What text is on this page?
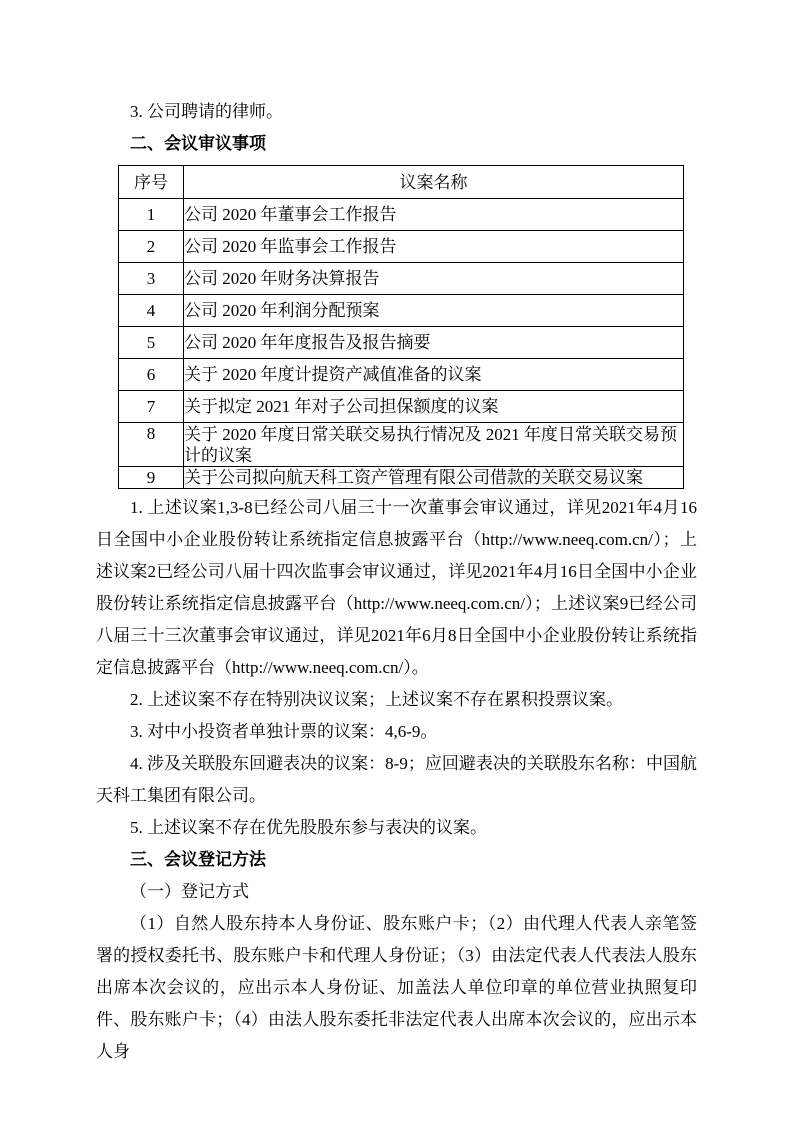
3. 公司聘请的律师。

二、会议审议事项

序号	议案名称
1	公司 2020 年董事会工作报告
2	公司 2020 年监事会工作报告
3	公司 2020 年财务决算报告
4	公司 2020 年利润分配预案
5	公司 2020 年年度报告及报告摘要
6	关于 2020 年度计提资产减值准备的议案
7	关于拟定 2021 年对子公司担保额度的议案
8	关于 2020 年度日常关联交易执行情况及 2021 年度日常关联交易预计的议案
9	关于公司拟向航天科工资产管理有限公司借款的关联交易议案

1. 上述议案1,3-8已经公司八届三十一次董事会审议通过，详见2021年4月16日全国中小企业股份转让系统指定信息披露平台（http://www.neeq.com.cn/）；上述议案2已经公司八届十四次监事会审议通过，详见2021年4月16日全国中小企业股份转让系统指定信息披露平台（http://www.neeq.com.cn/）；上述议案9已经公司八届三十三次董事会审议通过，详见2021年6月8日全国中小企业股份转让系统指定信息披露平台（http://www.neeq.com.cn/）。

2. 上述议案不存在特别决议议案；上述议案不存在累积投票议案。

3. 对中小投资者单独计票的议案：4,6-9。

4. 涉及关联股东回避表决的议案：8-9；应回避表决的关联股东名称：中国航天科工集团有限公司。

5. 上述议案不存在优先股股东参与表决的议案。

三、会议登记方法

（一）登记方式

（1）自然人股东持本人身份证、股东账户卡；（2）由代理人代表人亲笔签署的授权委托书、股东账户卡和代理人身份证；（3）由法定代表人代表法人股东出席本次会议的，应出示本人身份证、加盖法人单位印章的单位营业执照复印件、股东账户卡；（4）由法人股东委托非法定代表人出席本次会议的，应出示本人身
